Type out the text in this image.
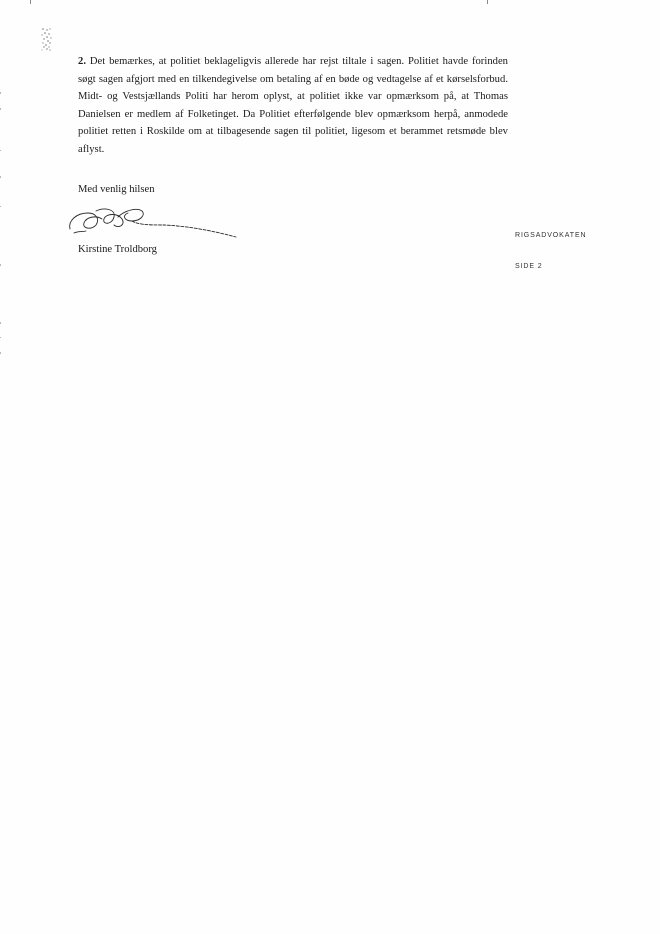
2. Det bemærkes, at politiet beklageligvis allerede har rejst tiltale i sagen. Politiet havde forinden søgt sagen afgjort med en tilkendegivelse om betaling af en bøde og vedtagelse af et kørselsforbud. Midt- og Vestsjællands Politi har herom oplyst, at politiet ikke var opmærksom på, at Thomas Danielsen er medlem af Folketinget. Da Politiet efterfølgende blev opmærksom herpå, anmodede politiet retten i Roskilde om at tilbagesende sagen til politiet, ligesom et berammet retsmøde blev aflyst.
Med venlig hilsen
Kirstine Troldborg
RIGSADVOKATEN
SIDE 2
